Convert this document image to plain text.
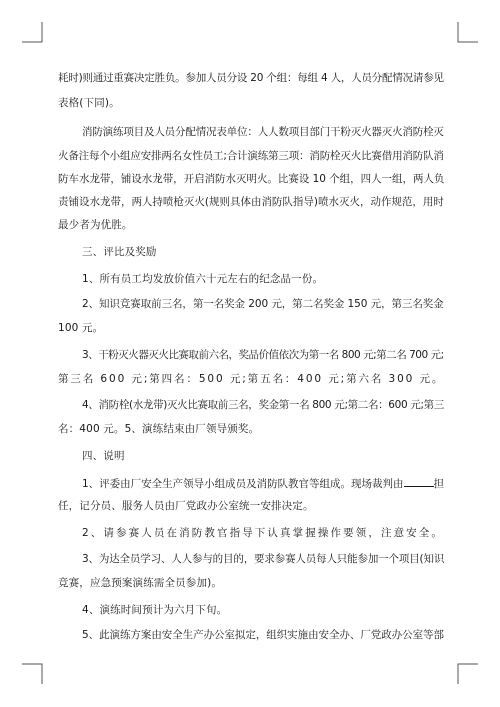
耗时)则通过重赛决定胜负。参加人员分设 20 个组：每组 4 人，人员分配情况请参见
表格(下同)。
消防演练项目及人员分配情况表单位：人人数项目部门干粉灭火器灭火消防栓灭
火备注每个小组应安排两名女性员工;合计演练第三项：消防栓灭火比赛借用消防队消
防车水龙带，铺设水龙带，开启消防水灭明火。比赛设 10 个组，四人一组，两人负
责铺设水龙带，两人持喷枪灭火(规则具体由消防队指导)喷水灭火，动作规范，用时
最少者为优胜。
三、评比及奖励
1、所有员工均发放价值六十元左右的纪念品一份。
2、知识竞赛取前三名，第一名奖金 200 元，第二名奖金 150 元，第三名奖金
100 元。
3、干粉灭火器灭火比赛取前六名，奖品价值依次为第一名 800 元;第二名 700 元;
第三名 600 元;第四名：500 元;第五名：400 元;第六名 300 元。
4、消防栓(水龙带)灭火比赛取前三名，奖金第一名 800 元;第二名：600 元;第三
名：400 元。5、演练结束由厂领导颁奖。
四、说明
1、评委由厂安全生产领导小组成员及消防队教官等组成。现场裁判由	担
任，记分员、服务人员由厂党政办公室统一安排决定。
2、请参赛人员在消防教官指导下认真掌握操作要领，注意安全。
3、为达全员学习、人人参与的目的，要求参赛人员每人只能参加一个项目(知识
竞赛，应急预案演练需全员参加)。
4、演练时间预计为六月下旬。
5、此演练方案由安全生产办公室拟定，组织实施由安全办、厂党政办公室等部
